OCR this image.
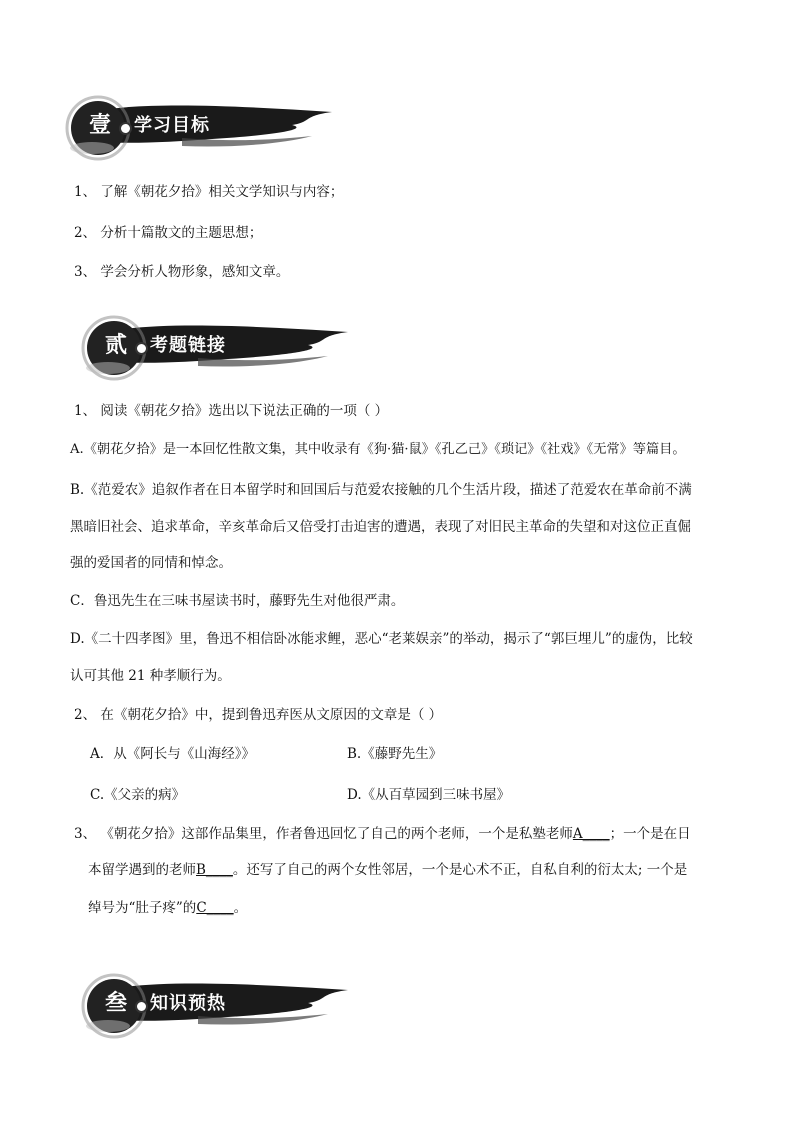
壹	学习目标
1、 了解《朝花夕拾》相关文学知识与内容；
2、 分析十篇散文的主题思想；
3、 学会分析人物形象，感知文章。
贰	考题链接
1、 阅读《朝花夕拾》选出以下说法正确的一项（ ）
A.《朝花夕拾》是一本回忆性散文集，其中收录有《狗·猫·鼠》《孔乙己》《琐记》《社戏》《无常》等篇目。
B.《范爱农》追叙作者在日本留学时和回国后与范爱农接触的几个生活片段，描述了范爱农在革命前不满
黑暗旧社会、追求革命，辛亥革命后又倍受打击迫害的遭遇，表现了对旧民主革命的失望和对这位正直倔
强的爱国者的同情和悼念。
C．鲁迅先生在三味书屋读书时，藤野先生对他很严肃。
D.《二十四孝图》里，鲁迅不相信卧冰能求鲤，恶心“老莱娱亲”的举动，揭示了“郭巨埋儿”的虚伪，比较
认可其他 21 种孝顺行为。
2、 在《朝花夕拾》中，提到鲁迅弃医从文原因的文章是（ ）
A．从《阿长与《山海经》》	B.《藤野先生》
C.《父亲的病》	D.《从百草园到三味书屋》
3、 《朝花夕拾》这部作品集里，作者鲁迅回忆了自己的两个老师，一个是私塾老师A____；一个是在日
本留学遇到的老师B____。还写了自己的两个女性邻居，一个是心术不正，自私自利的衍太太; 一个是
绰号为“肚子疼”的C____。
叁	知识预热
